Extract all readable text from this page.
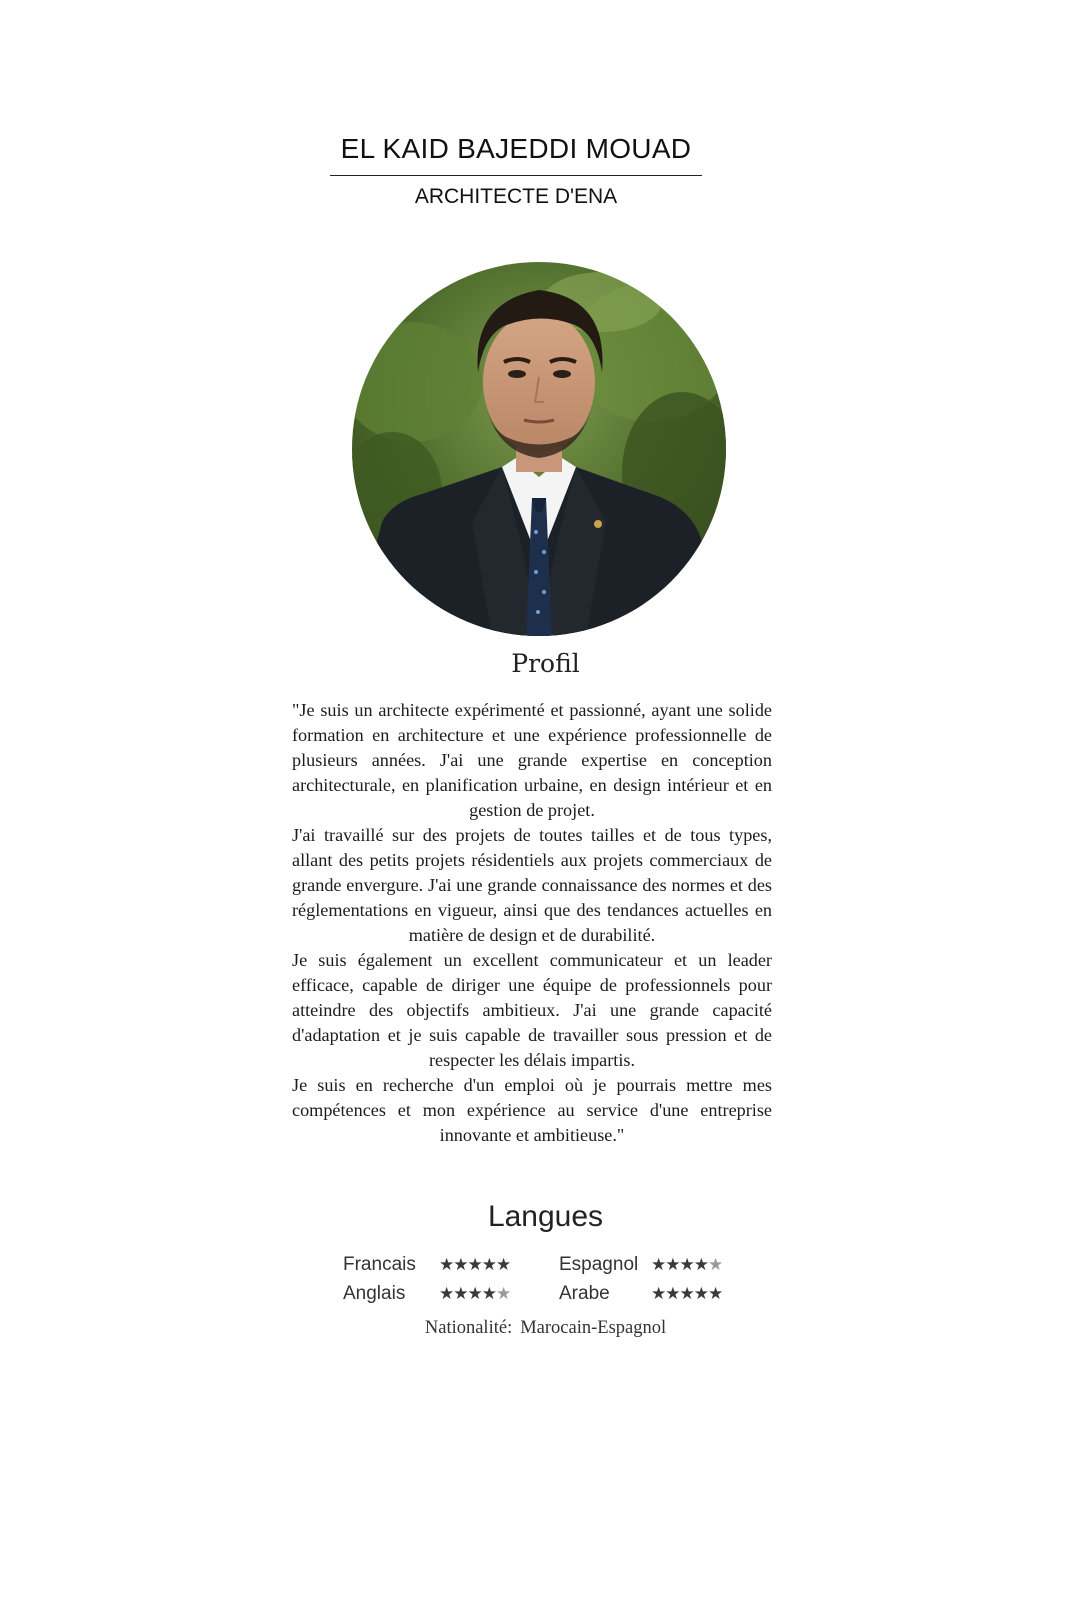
EL KAID BAJEDDI MOUAD
ARCHITECTE D'ENA
Profil

"Je suis un architecte expérimenté et passionné, ayant une solide formation en architecture et une expérience professionnelle de plusieurs années. J'ai une grande expertise en conception architecturale, en planification urbaine, en design intérieur et en gestion de projet.

J'ai travaillé sur des projets de toutes tailles et de tous types, allant des petits projets résidentiels aux projets commerciaux de grande envergure. J'ai une grande connaissance des normes et des réglementations en vigueur, ainsi que des tendances actuelles en matière de design et de durabilité.

Je suis également un excellent communicateur et un leader efficace, capable de diriger une équipe de professionnels pour atteindre des objectifs ambitieux. J'ai une grande capacité d'adaptation et je suis capable de travailler sous pression et de respecter les délais impartis.

Je suis en recherche d'un emploi où je pourrais mettre mes compétences et mon expérience au service d'une entreprise innovante et ambitieuse."

Langues
Francais	★★★★★	Espagnol ★★★★★
Anglais	★★★★★	Arabe	★★★★★
Nationalité: Marocain-Espagnol
